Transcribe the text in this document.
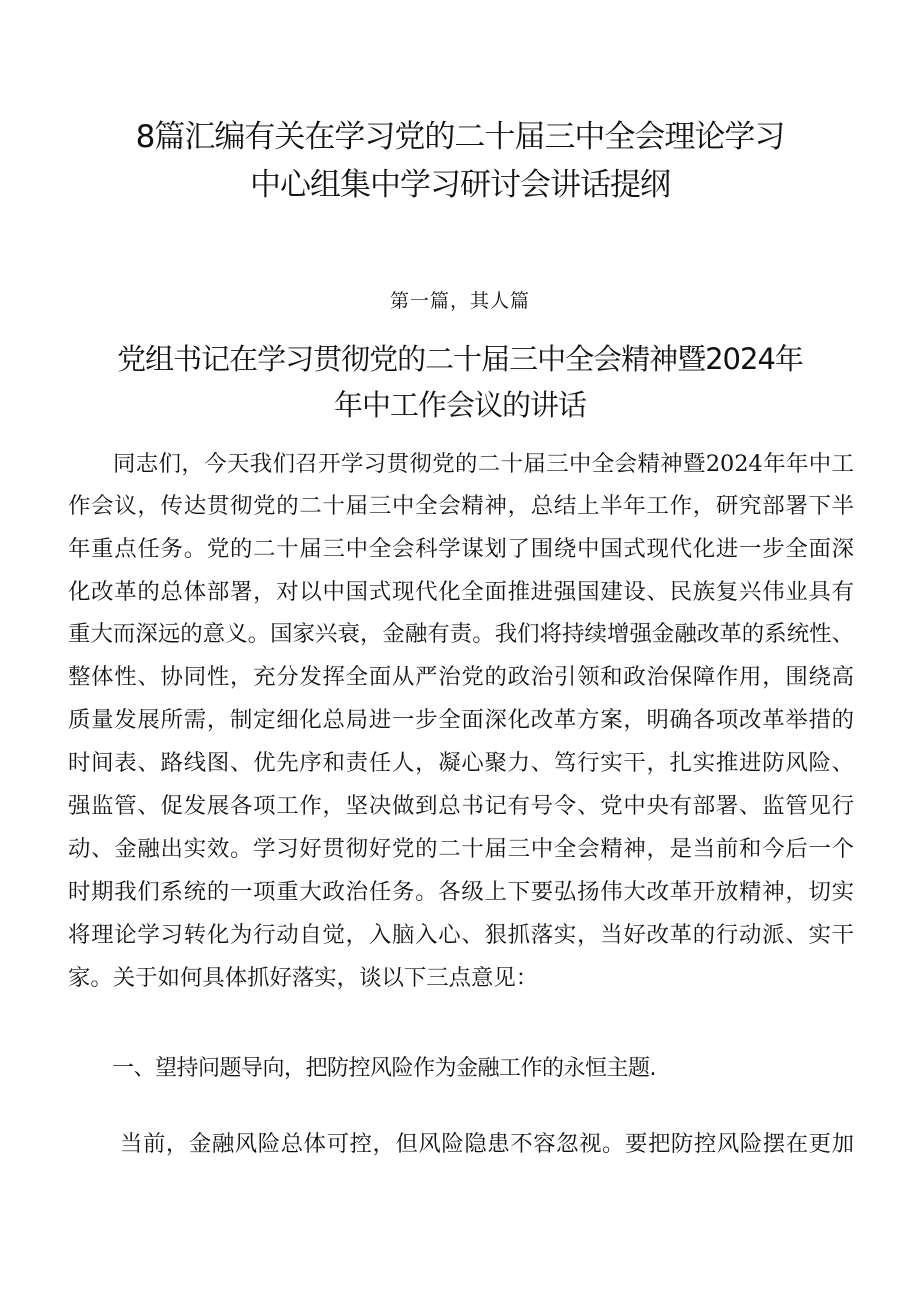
8篇汇编有关在学习党的二十届三中全会理论学习
中心组集中学习研讨会讲话提纲
第一篇，其人篇
党组书记在学习贯彻党的二十届三中全会精神暨2024年
年中工作会议的讲话
同志们，今天我们召开学习贯彻党的二十届三中全会精神暨2024年年中工
作会议，传达贯彻党的二十届三中全会精神，总结上半年工作，研究部署下半
年重点任务。党的二十届三中全会科学谋划了围绕中国式现代化进一步全面深
化改革的总体部署，对以中国式现代化全面推进强国建设、民族复兴伟业具有
重大而深远的意义。国家兴衰，金融有责。我们将持续增强金融改革的系统性、
整体性、协同性，充分发挥全面从严治党的政治引领和政治保障作用，围绕高
质量发展所需，制定细化总局进一步全面深化改革方案，明确各项改革举措的
时间表、路线图、优先序和责任人，凝心聚力、笃行实干，扎实推进防风险、
强监管、促发展各项工作，坚决做到总书记有号令、党中央有部署、监管见行
动、金融出实效。学习好贯彻好党的二十届三中全会精神，是当前和今后一个
时期我们系统的一项重大政治任务。各级上下要弘扬伟大改革开放精神，切实
将理论学习转化为行动自觉，入脑入心、狠抓落实，当好改革的行动派、实干
家。关于如何具体抓好落实，谈以下三点意见：
一、望持问题导向，把防控风险作为金融工作的永恒主题.
当前，金融风险总体可控，但风险隐患不容忽视。要把防控风险摆在更加
